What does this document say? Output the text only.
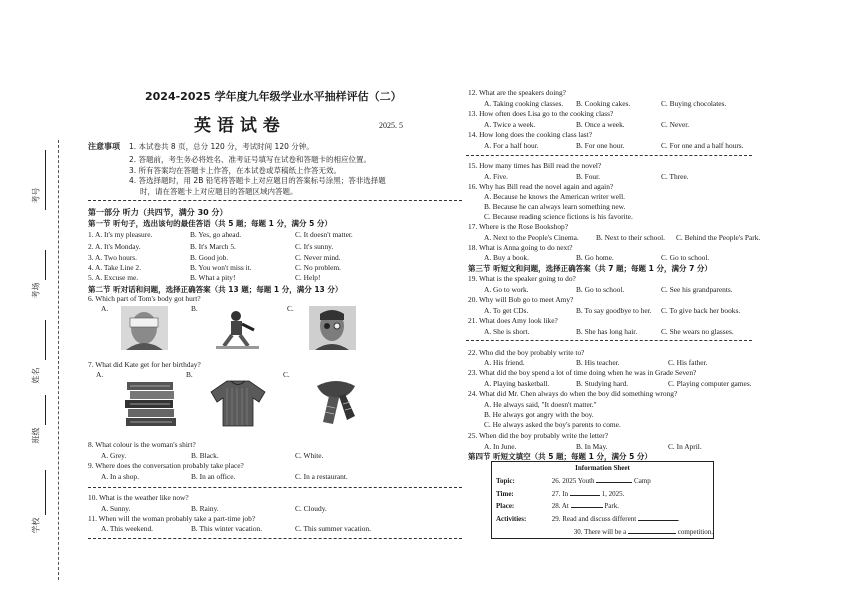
考号
考场
姓名
班级
学校
2024-2025 学年度九年级学业水平抽样评估（二）
英 语 试 卷	2025. 5
注意事项 1. 本试卷共 8 页，总分 120 分，考试时间 120 分钟。
2. 答题前，考生务必将姓名、准考证号填写在试卷和答题卡的相应位置。
3. 所有答案均在答题卡上作答，在本试卷或草稿纸上作答无效。
4. 答选择题时，用 2B 铅笔将答题卡上对应题目的答案标号涂黑；答非选择题
时，请在答题卡上对应题目的答题区域内答题。
第一部分 听力（共四节，满分 30 分）
第一节 听句子，选出该句的最佳答语（共 5 题；每题 1 分，满分 5 分）
1. A. It's my pleasure.	B. Yes, go ahead.	C. It doesn't matter.
2. A. It's Monday.	B. It's March 5.	C. It's sunny.
3. A. Two hours.	B. Good job.	C. Never mind.
4. A. Take Line 2.	B. You won't miss it.	C. No problem.
5. A. Excuse me.	B. What a pity!	C. Help!
第二节 听对话和问题，选择正确答案（共 13 题；每题 1 分，满分 13 分）
6. Which part of Tom's body got hurt?
A.	B.	C.
7. What did Kate get for her birthday?
A.	B.	C.
8. What colour is the woman's shirt?
A. Grey.	B. Black.	C. White.
9. Where does the conversation probably take place?
A. In a shop.	B. In an office.	C. In a restaurant.
10. What is the weather like now?
A. Sunny.	B. Rainy.	C. Cloudy.
11. When will the woman probably take a part-time job?
A. This weekend.	B. This winter vacation.	C. This summer vacation.
12. What are the speakers doing?
A. Taking cooking classes. B. Cooking cakes.	C. Buying chocolates.
13. How often does Lisa go to the cooking class?
A. Twice a week.	B. Once a week.	C. Never.
14. How long does the cooking class last?
A. For a half hour.	B. For one hour.	C. For one and a half hours.
15. How many times has Bill read the novel?
A. Five.	B. Four.	C. Three.
16. Why has Bill read the novel again and again?
A. Because he knows the American writer well.
B. Because he can always learn something new.
C. Because reading science fictions is his favorite.
17. Where is the Rose Bookshop?
A. Next to the People's Cinema. B. Next to their school. C. Behind the People's Park.
18. What is Anna going to do next?
A. Buy a book.	B. Go home.	C. Go to school.
第三节 听短文和问题，选择正确答案（共 7 题；每题 1 分，满分 7 分）
19. What is the speaker going to do?
A. Go to work.	B. Go to school.	C. See his grandparents.
20. Why will Bob go to meet Amy?
A. To get CDs.	B. To say goodbye to her. C. To give back her books.
21. What does Amy look like?
A. She is short.	B. She has long hair.	C. She wears no glasses.
22. Who did the boy probably write to?
A. His friend.	B. His teacher.	C. His father.
23. What did the boy spend a lot of time doing when he was in Grade Seven?
A. Playing basketball.	B. Studying hard.	C. Playing computer games.
24. What did Mr. Chen always do when the boy did something wrong?
A. He always said, "It doesn't matter."
B. He always got angry with the boy.
C. He always asked the boy's parents to come.
25. When did the boy probably write the letter?
A. In June.	B. In May.	C. In April.
第四节 听短文填空（共 5 题；每题 1 分，满分 5 分）
Information Sheet	
Topic:	26. 2025 Youth Camp
Time:	27. In 1, 2025.
Place:	28. At Park.
Activities:	29. Read and discuss different .
	30. There will be a competition.
